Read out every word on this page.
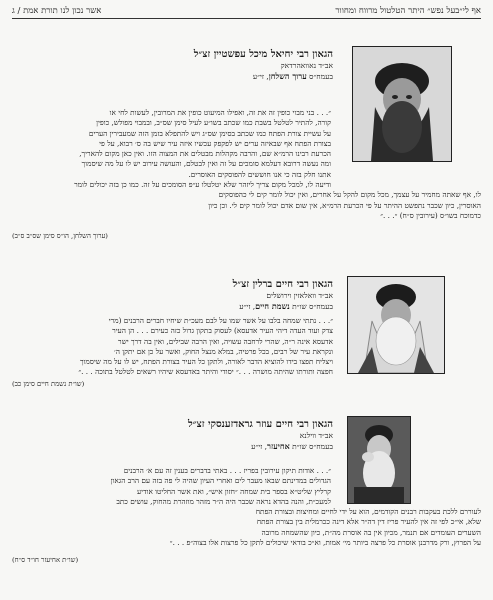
אף לי״בעל נפש״ היתר הטלטול מרווח ומחוור
אשר נכון לנו תורת אמת / ג
הגאון רבי יחיאל מיכל עפשטיין זצ״ל
אב״ד נאוואהרדאק
בעמח״ס ערוך השלחן, זי״ע
״. . . בני מבוי כופין זה את זה, ואפילו המיעוט כופין את המרובין, לעשות לחי או
קורה, להתיר לטלטל בשבת כמו שכתב בשו״ע לעיל סימן שס״ב, ובמבוי מפולש, כופין
על עשיית צורת הפתח כמו שכתב בסימן שס״ג ויש להתפלא בזמן הזה שמעבירין הערים
בצורת הפתח אף שבאיזה ערים יש לפקפק עכשיו איזה עיר שיש בה ס׳ רבוא, על פי
הכרעת רבינו הרמ״א שם, והרבה מקהלות מבטלים את המצוה הזו. ואין כאן מקום להאריך,
ומה נעשה דרובא דעלמא סומכים על זה ואין לבטלם, והעושה עירוב יש לו על מה שיסמוך
אתנו חלק בזה כי אנו חוששים להפוסקים האוסרים.
ודיעה לו, למכל מקום צריך ליזהר שלא יטלטלו ע״פ הסומכים על זה. כמו כן בזה יכולים לומר
לו, אף שאתה מחמיר על עצמך, מכל מקום להקל על אחרים, ואין יכול לומר קים לי כהפוסקים
האוסרין, כיון שכבר נתפשט ההיתר על פי הכרעת הרמ״א, אין שום אדם יכול לומר קים לי. וכן כיון
כדמוכח בשו״ס (עירובין ס״ח) ״. . .״
(ערוך השלחן, הו״ס סימן שס״ב ס״ב)
הגאון רבי חיים ברלין זצ״ל
אב״ד וואלאזין וירושלים
בעמח״ס שו״ת נשמת חיים, זי״ע
״. . . נתתי שמחה בלבו על אשר שמו על לבם מעכ״ת שיחיו חברים הרבנים (מרי
צדק ועוד העדה דיהי העיר אדעסא) לעסוק בתקון גדול כזה כעירם . . . הן העיר
אדעסא אינה ר״ה, שהרי לרחבה עשויה, ואין הרבה שבילים, ואין בה דרך ישר
ונקראת עיר של רבים, בכל פרטיה, במלא מנצל החוק, ואשר על כן אם יתקן ה׳
ויצליח תפצו בידו להוציא הדבר לאורה, ולתקן כל העיר בצורת הפתח, יש לו על מה שיסמוך
חפצה ותורתו שהיתה מושרה . . .״ יסודי והיתר באדעסא שיהיו רשאים לטלטל בתוכה . . .״
(שו״ת נשמת חיים סימן כב)
הגאון רבי חיים עוזר גראדזענסקי זצ״ל
אב״ד ווילנא
בעמח״ס שו״ת אחיעזר, זי״ע
״. . . אודות תיקון עירובין בפריז . . . באתי בדברים בענין זה עם א׳ הרבנים
הגדולים במדינתם שבאו מעבר לים ואחרי העיון שהיה לי פה בזה עם הרב הגאון
קרליץ שליט״א בספר בית שמחה ״חזון איש״, ואת אשר החליטו אודיע
למעכ״ת, והנה בהדא נראה שכבר היה ה״ר מזהר מוזהרת מהחוק, עושים כתב
לעוררם ללכת בעקבות רבנים הקודמים, הוא על ידי לחיים ומחיצות ובצורת הפתח
שלא, אי״כ לפי זה אין להעיר פריז דין דה״ר אלא דינה ככרמלית בין בצורת הפתח
השערים העומדים אם תנמר, מכיון אין בה אוסרת מה״ת, כיון שהשמחה מרובה
על הפרוץ, ורק מדרבנן אוסרת כל פרצה ביותר מי׳ אמות, וא״כ בודאי שיכולים לתקן כל פרצות אלו בצוה״פ . . .״
(שו״ת אחיעזר חו״ד ס״ח)
